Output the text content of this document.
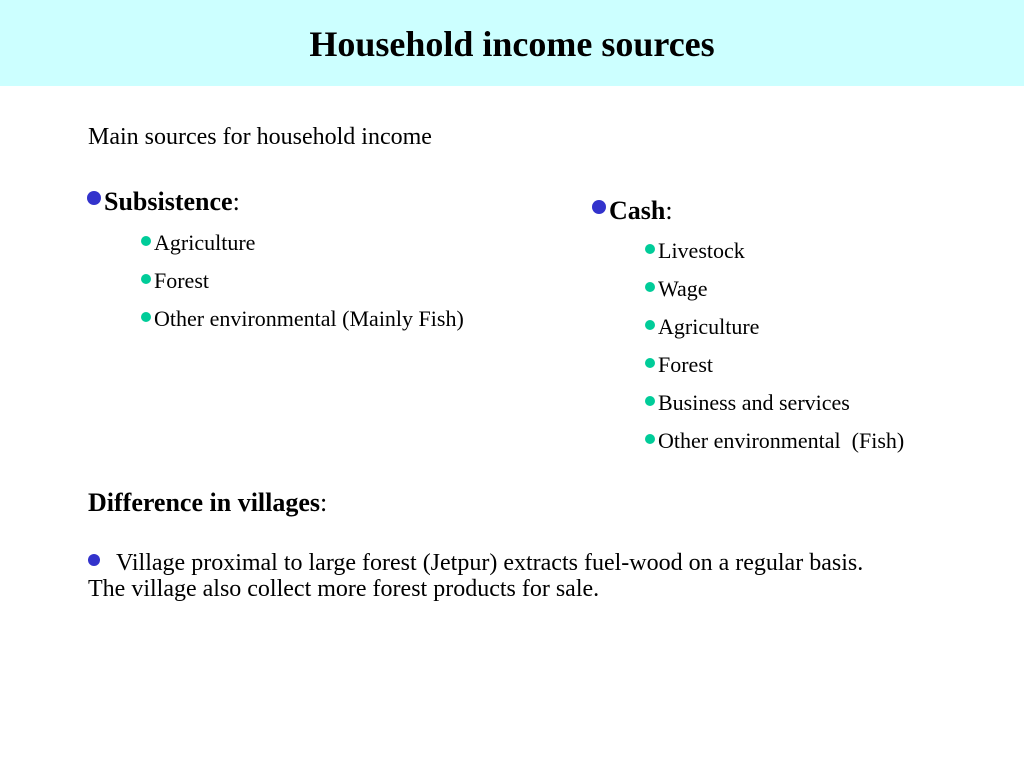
Household income sources
Main sources for household income
Subsistence:
Agriculture
Forest
Other environmental (Mainly Fish)
Cash:
Livestock
Wage
Agriculture
Forest
Business and services
Other environmental  (Fish)
Difference in villages:

Village proximal to large forest (Jetpur) extracts fuel-wood on a regular basis. The village also collect more forest products for sale.
